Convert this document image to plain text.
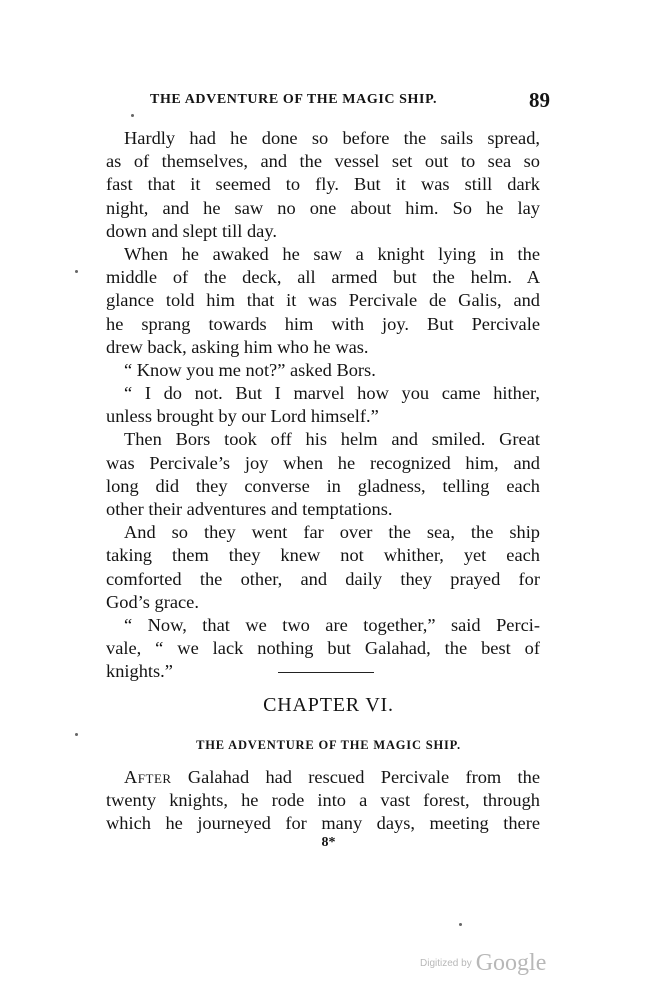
THE ADVENTURE OF THE MAGIC SHIP.	89
Hardly had he done so before the sails spread,
as of themselves, and the vessel set out to sea so
fast that it seemed to fly. But it was still dark
night, and he saw no one about him. So he lay
down and slept till day.
When he awaked he saw a knight lying in the
middle of the deck, all armed but the helm. A
glance told him that it was Percivale de Galis, and
he sprang towards him with joy. But Percivale
drew back, asking him who he was.
“ Know you me not?” asked Bors.
“ I do not. But I marvel how you came hither,
unless brought by our Lord himself.”
Then Bors took off his helm and smiled. Great
was Percivale’s joy when he recognized him, and
long did they converse in gladness, telling each
other their adventures and temptations.
And so they went far over the sea, the ship
taking them they knew not whither, yet each
comforted the other, and daily they prayed for
God’s grace.
“ Now, that we two are together,” said Perci-
vale, “ we lack nothing but Galahad, the best of
knights.”
CHAPTER VI.
THE ADVENTURE OF THE MAGIC SHIP.
After Galahad had rescued Percivale from the
twenty knights, he rode into a vast forest, through
which he journeyed for many days, meeting there
8*
$^{Digitized by}$ Google
